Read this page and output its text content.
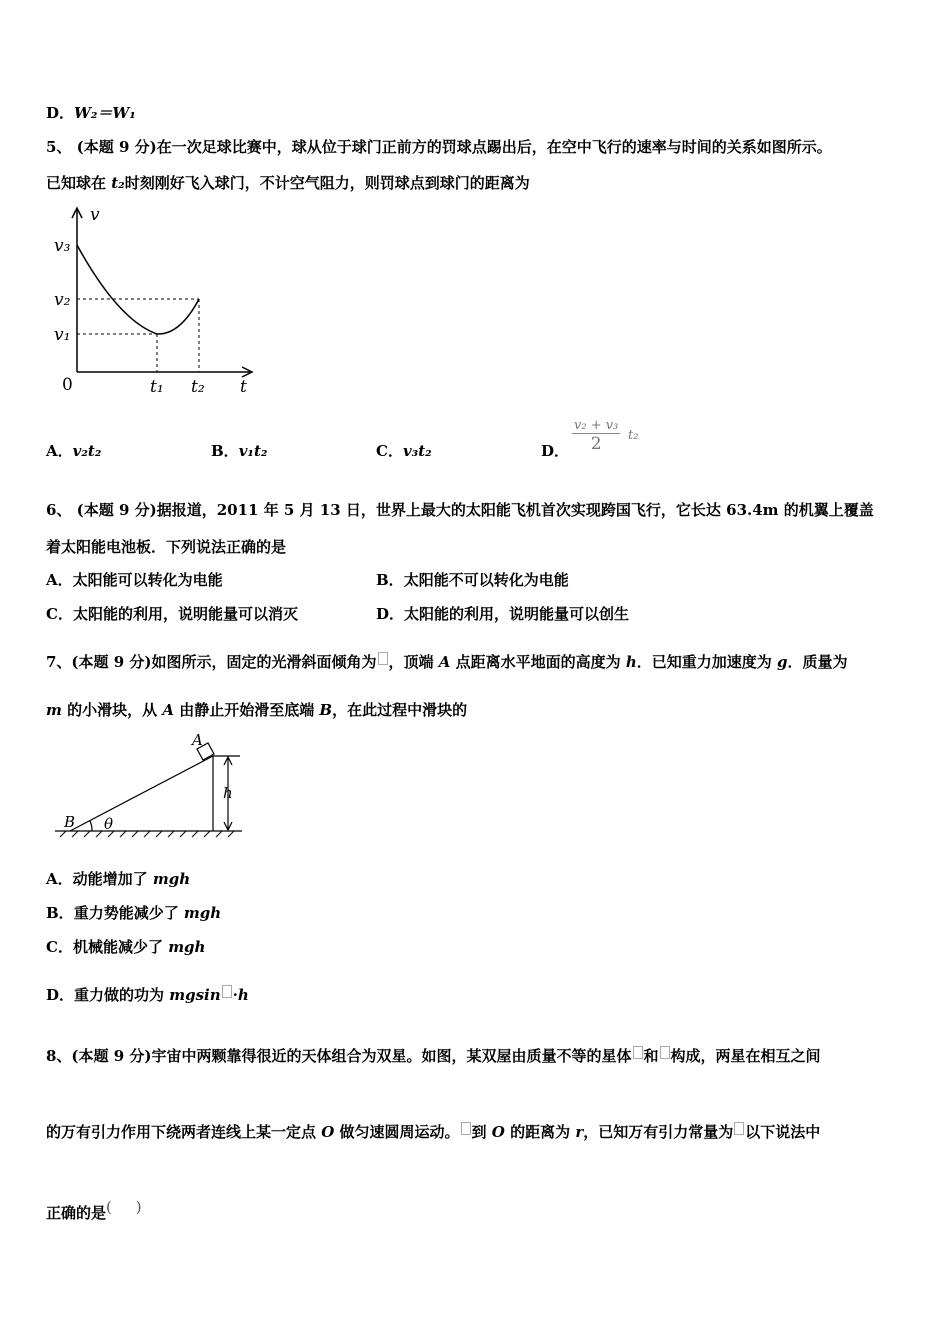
D．W₂＝W₁
5、 (本题 9 分)在一次足球比赛中，球从位于球门正前方的罚球点踢出后，在空中飞行的速率与时间的关系如图所示。
已知球在 t₂时刻刚好飞入球门，不计空气阻力，则罚球点到球门的距离为
v
t
v₃
v₂
v₁
t₁ t₂
0
A．v₂t₂	B．v₁t₂	C．v₃t₂	D．
v₂ + v₃
2	t₂
6、 (本题 9 分)据报道，2011 年 5 月 13 日，世界上最大的太阳能飞机首次实现跨国飞行，它长达 63.4m 的机翼上覆盖
着太阳能电池板．下列说法正确的是
A．太阳能可以转化为电能	B．太阳能不可以转化为电能
C．太阳能的利用，说明能量可以消灭	D．太阳能的利用，说明能量可以创生
7、(本题 9 分)如图所示，固定的光滑斜面倾角为 ，顶端 A 点距离水平地面的高度为 h．已知重力加速度为 g．质量为
m 的小滑块，从 A 由静止开始滑至底端 B，在此过程中滑块的
A
B θ
h
A．动能增加了 mgh
B．重力势能减少了 mgh
C．机械能减少了 mgh
D．重力做的功为 mgsin ·h
8、(本题 9 分)宇宙中两颗靠得很近的天体组合为双星。如图，某双屋由质量不等的星体 和 构成，两星在相互之间
的万有引力作用下绕两者连线上某一定点 O 做匀速圆周运动。 到 O 的距离为 r，已知万有引力常量为 以下说法中
正确的是(     )
